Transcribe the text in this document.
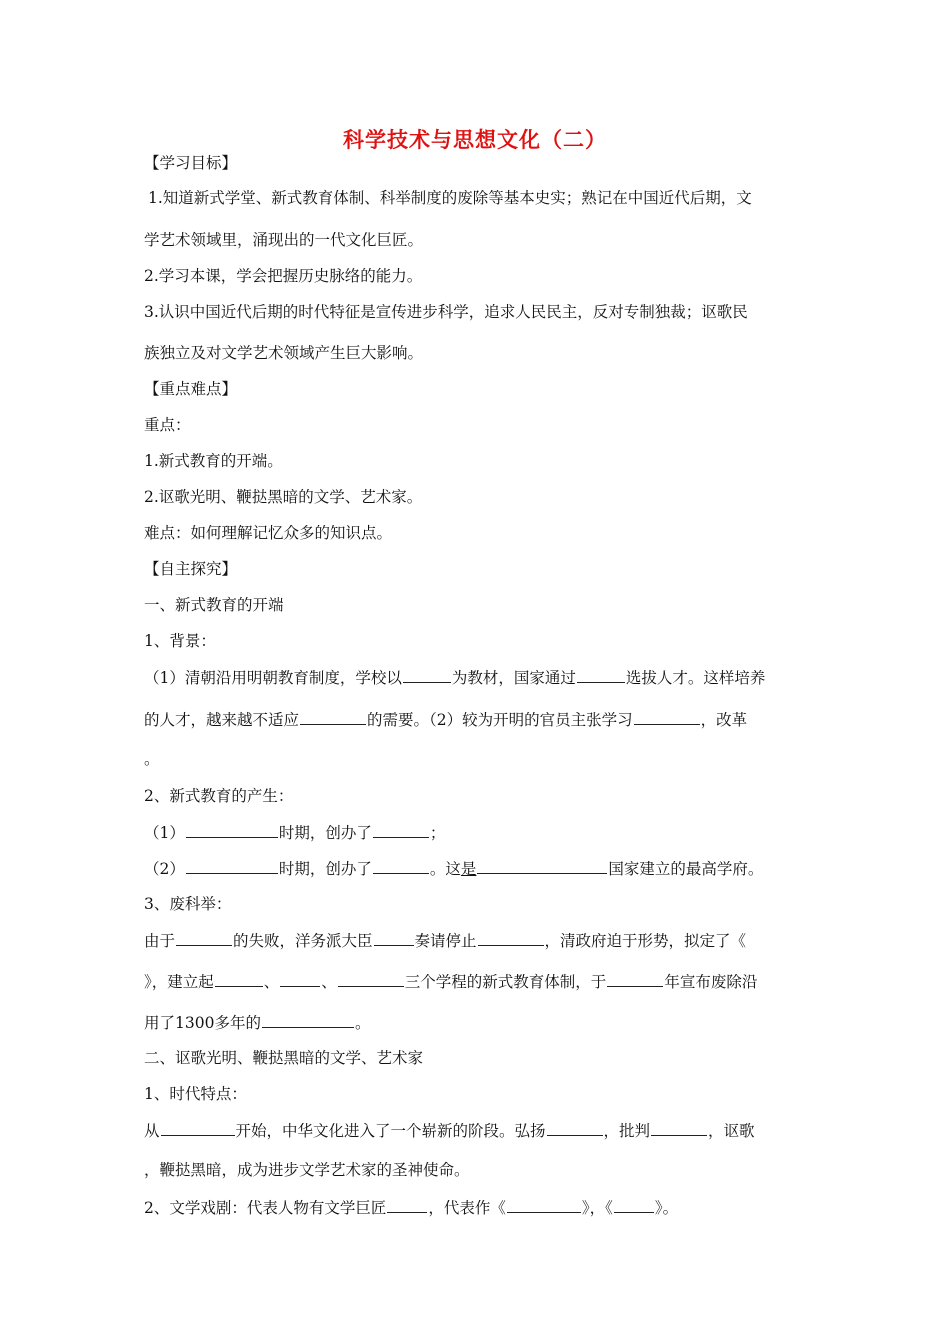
科学技术与思想文化（二）
【学习目标】
1.知道新式学堂、新式教育体制、科举制度的废除等基本史实；熟记在中国近代后期，文
学艺术领域里，涌现出的一代文化巨匠。
2.学习本课，学会把握历史脉络的能力。
3.认识中国近代后期的时代特征是宣传进步科学，追求人民民主，反对专制独裁；讴歌民
族独立及对文学艺术领域产生巨大影响。
【重点难点】
重点：
1.新式教育的开端。
2.讴歌光明、鞭挞黑暗的文学、艺术家。
难点：如何理解记忆众多的知识点。
【自主探究】
一、新式教育的开端
1、背景：
（1）清朝沿用明朝教育制度，学校以	为教材，国家通过	选拔人才。这样培养
的人才，越来越不适应	的需要。（2）较为开明的官员主张学习	，改革
。
2、新式教育的产生：
（1）	时期，创办了	；
（2）	时期，创办了	。这是	国家建立的最高学府。
3、废科举：
由于	的失败，洋务派大臣	奏请停止	，清政府迫于形势，拟定了《
》，建立起	、	、	三个学程的新式教育体制，于	年宣布废除沿
用了1300多年的	。
二、讴歌光明、鞭挞黑暗的文学、艺术家
1、时代特点：
从	开始，中华文化进入了一个崭新的阶段。弘扬	，批判	，讴歌
，鞭挞黑暗，成为进步文学艺术家的圣神使命。
2、文学戏剧：代表人物有文学巨匠	，代表作《	》，《	》。
